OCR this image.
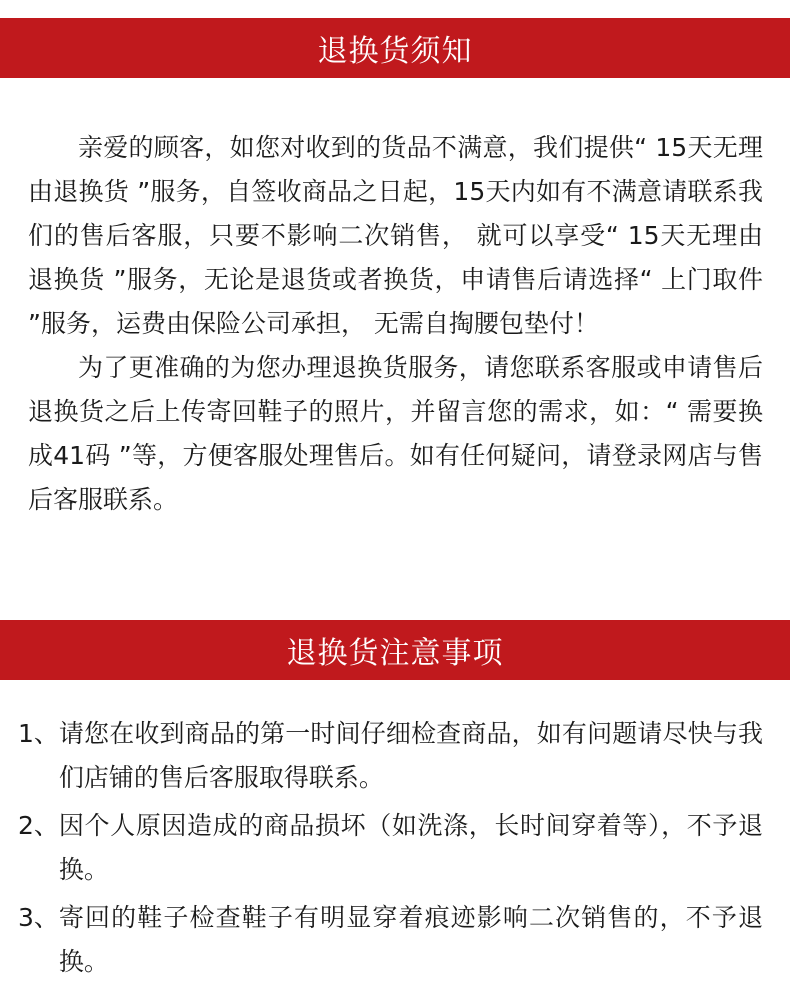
退换货须知

亲爱的顾客，如您对收到的货品不满意，我们提供“ 15天无理由退换货 ”服务，自签收商品之日起，15天内如有不满意请联系我们的售后客服，只要不影响二次销售， 就可以享受“ 15天无理由退换货 ”服务，无论是退货或者换货，申请售后请选择“ 上门取件 ”服务，运费由保险公司承担， 无需自掏腰包垫付！

为了更准确的为您办理退换货服务，请您联系客服或申请售后退换货之后上传寄回鞋子的照片，并留言您的需求，如：“ 需要换成41码 ”等，方便客服处理售后。如有任何疑问，请登录网店与售后客服联系。

退换货注意事项
1、 请您在收到商品的第一时间仔细检查商品，如有问题请尽快与我们店铺的售后客服取得联系。
2、 因个人原因造成的商品损坏（如洗涤，长时间穿着等），不予退换。
3、 寄回的鞋子检查鞋子有明显穿着痕迹影响二次销售的，不予退换。
